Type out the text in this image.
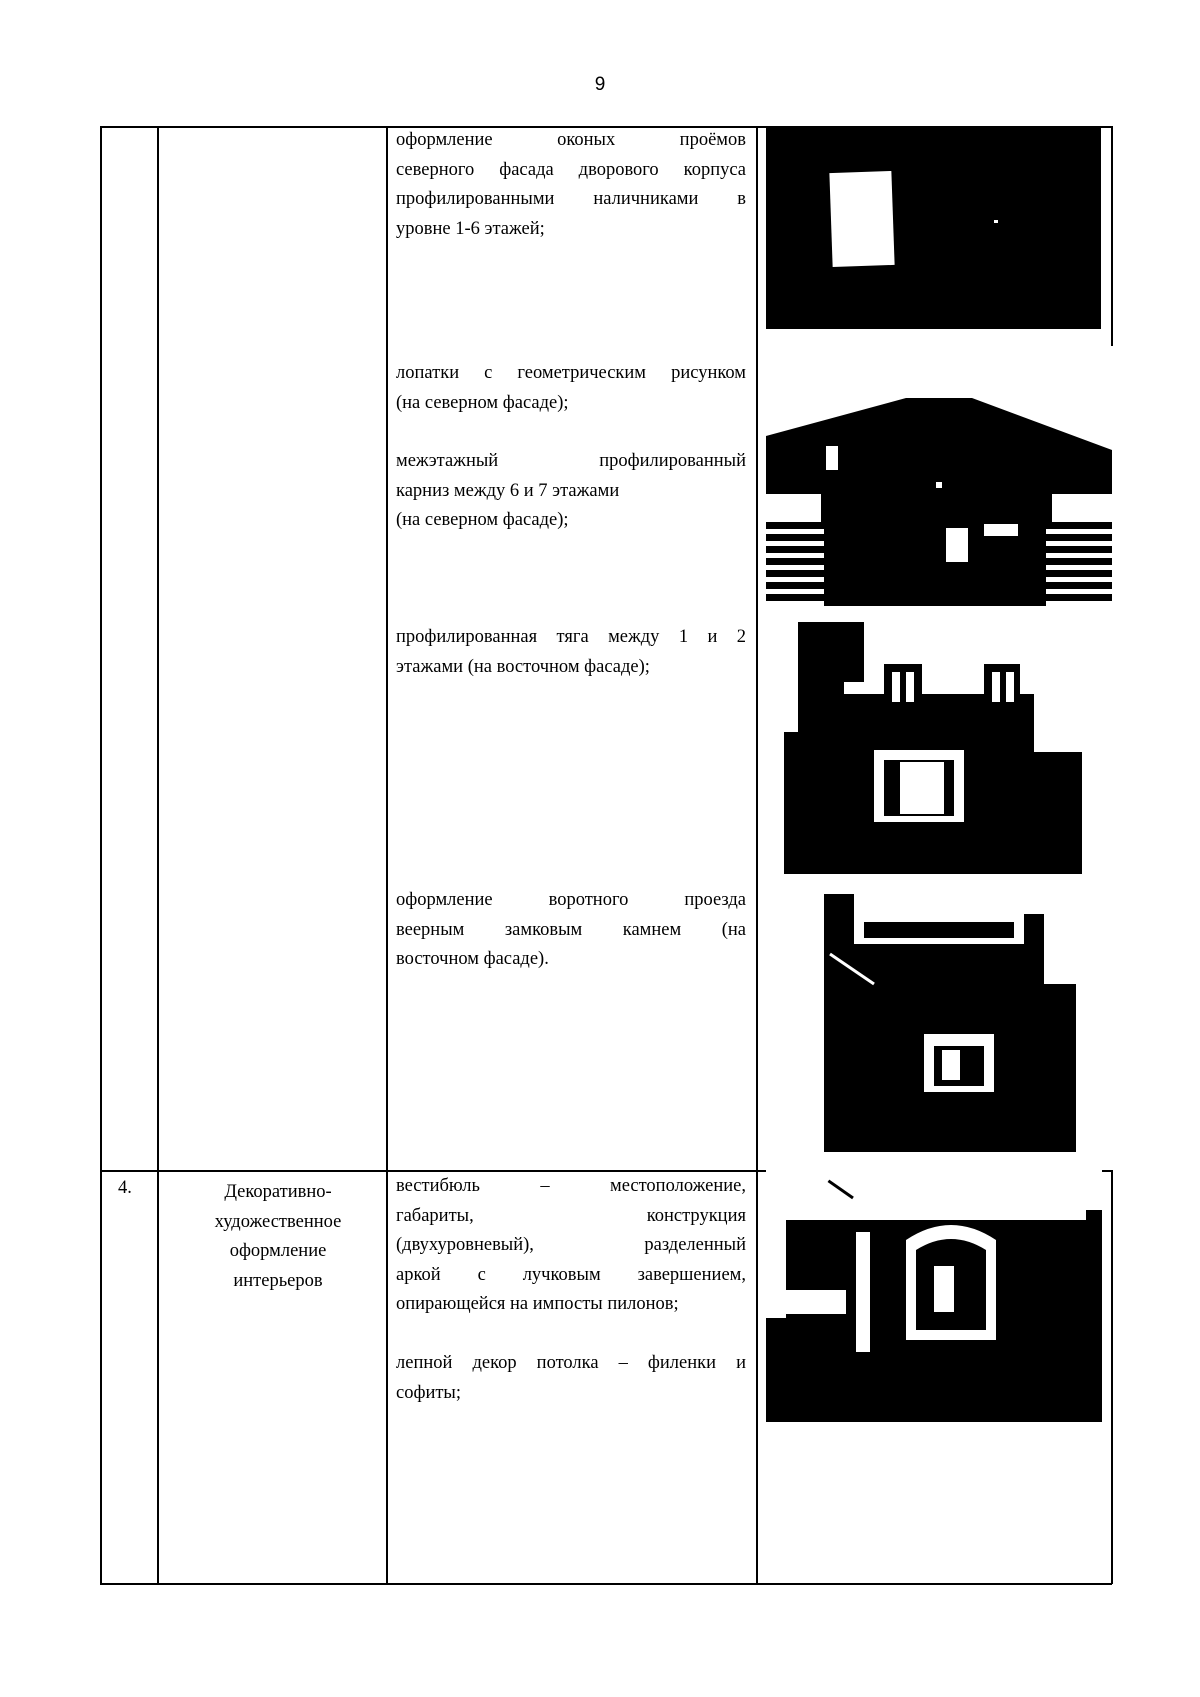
9
оформление оконых проёмов
северного фасада дворового корпуса
профилированными наличниками в
уровне 1-6 этажей;
лопатки с геометрическим рисунком
(на северном фасаде);
межэтажный профилированный
карниз между 6 и 7 этажами
(на северном фасаде);
профилированная тяга между 1 и 2
этажами (на восточном фасаде);
оформление воротного проезда
веерным замковым камнем (на
восточном фасаде).
4.	Декоративно-
художественное
оформление
интерьеров
вестибюль – местоположение,
габариты, конструкция
(двухуровневый), разделенный
аркой с лучковым завершением,
опирающейся на импосты пилонов;
лепной декор потолка – филенки и
софиты;
